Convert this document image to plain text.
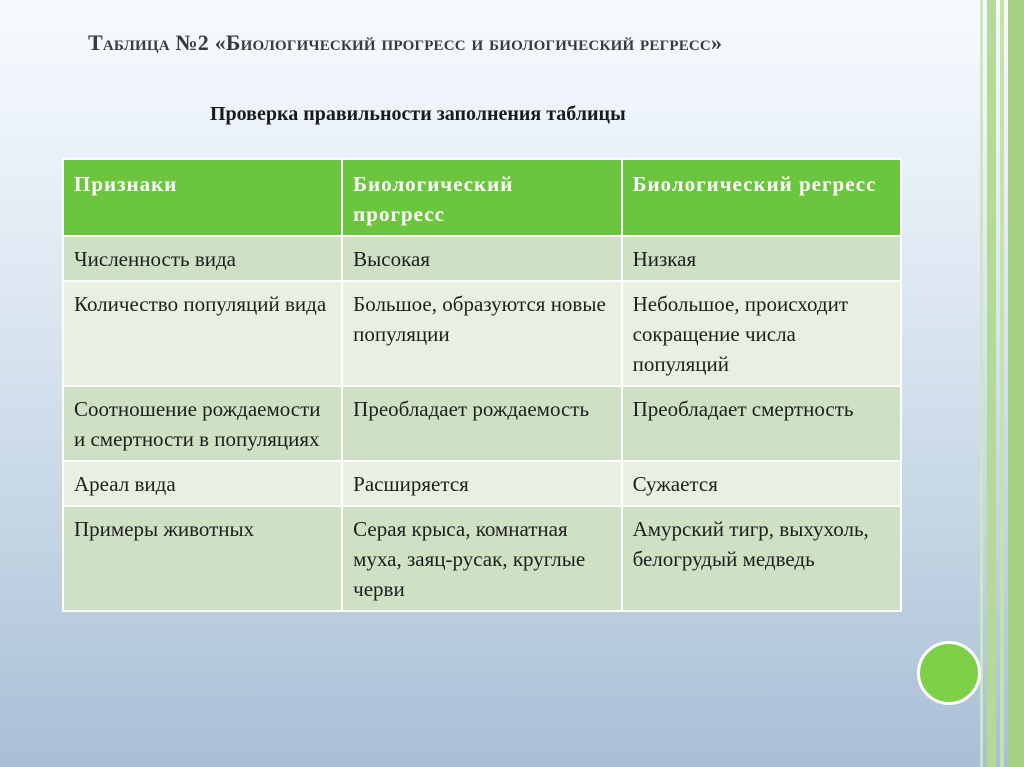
Таблица №2 «Биологический прогресс и биологический регресс»
Проверка правильности заполнения таблицы
Признаки	Биологический прогресс	Биологический регресс
Численность вида	Высокая	Низкая
Количество популяций вида	Большое, образуются новые популяции	Небольшое, происходит сокращение числа популяций
Соотношение рождаемости и смертности в популяциях	Преобладает рождаемость	Преобладает смертность
Ареал вида	Расширяется	Сужается
Примеры животных	Серая крыса, комнатная муха, заяц-русак, круглые черви	Амурский тигр, выхухоль, белогрудый медведь
